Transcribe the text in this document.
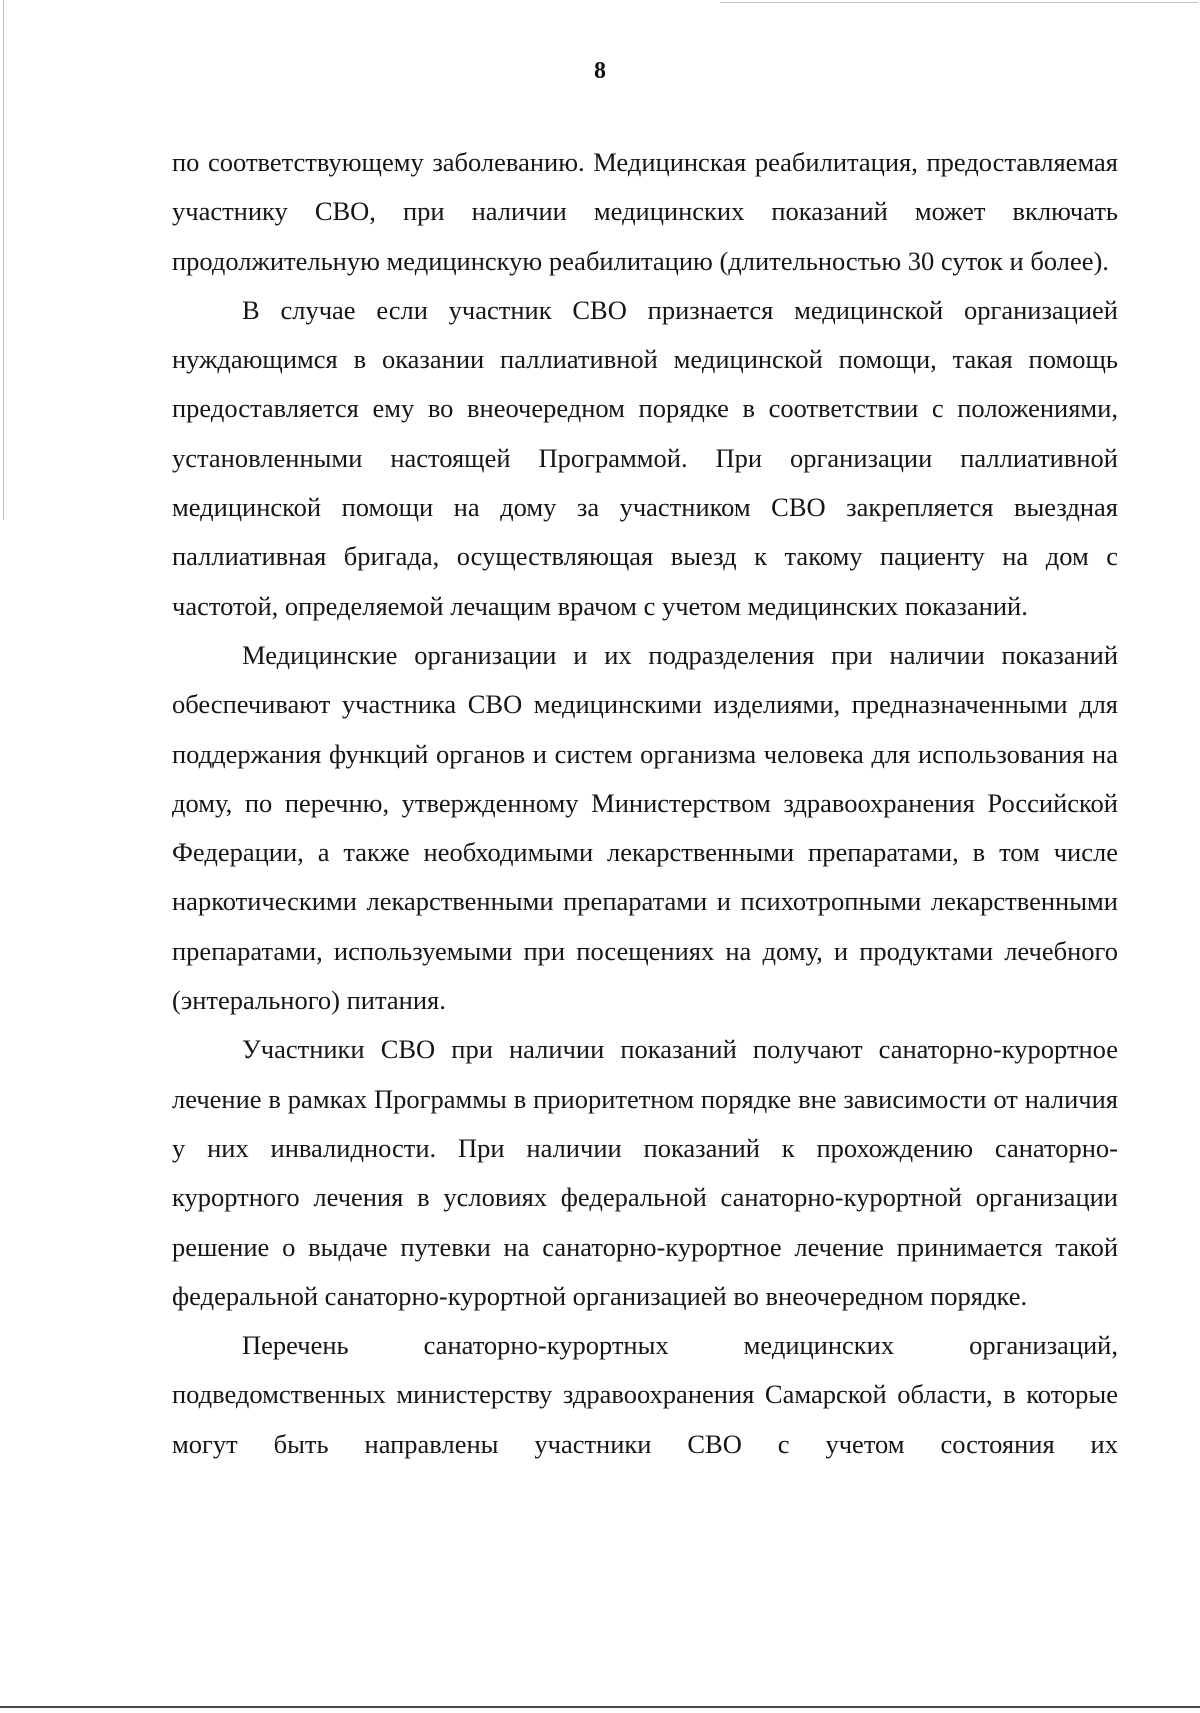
8

по соответствующему заболеванию. Медицинская реабилитация, предоставляемая участнику СВО, при наличии медицинских показаний может включать продолжительную медицинскую реабилитацию (длительностью 30 суток и более).

В случае если участник СВО признается медицинской организацией нуждающимся в оказании паллиативной медицинской помощи, такая помощь предоставляется ему во внеочередном порядке в соответствии с положениями, установленными настоящей Программой. При организации паллиативной медицинской помощи на дому за участником СВО закрепляется выездная паллиативная бригада, осуществляющая выезд к такому пациенту на дом с частотой, определяемой лечащим врачом с учетом медицинских показаний.

Медицинские организации и их подразделения при наличии показаний обеспечивают участника СВО медицинскими изделиями, предназначенными для поддержания функций органов и систем организма человека для использования на дому, по перечню, утвержденному Министерством здравоохранения Российской Федерации, а также необходимыми лекарственными препаратами, в том числе наркотическими лекарственными препаратами и психотропными лекарственными препаратами, используемыми при посещениях на дому, и продуктами лечебного (энтерального) питания.

Участники СВО при наличии показаний получают санаторно-курортное лечение в рамках Программы в приоритетном порядке вне зависимости от наличия у них инвалидности. При наличии показаний к прохождению санаторно-курортного лечения в условиях федеральной санаторно-курортной организации решение о выдаче путевки на санаторно-курортное лечение принимается такой федеральной санаторно-курортной организацией во внеочередном порядке.

Перечень санаторно-курортных медицинских организаций, подведомственных министерству здравоохранения Самарской области, в которые могут быть направлены участники СВО с учетом состояния их
